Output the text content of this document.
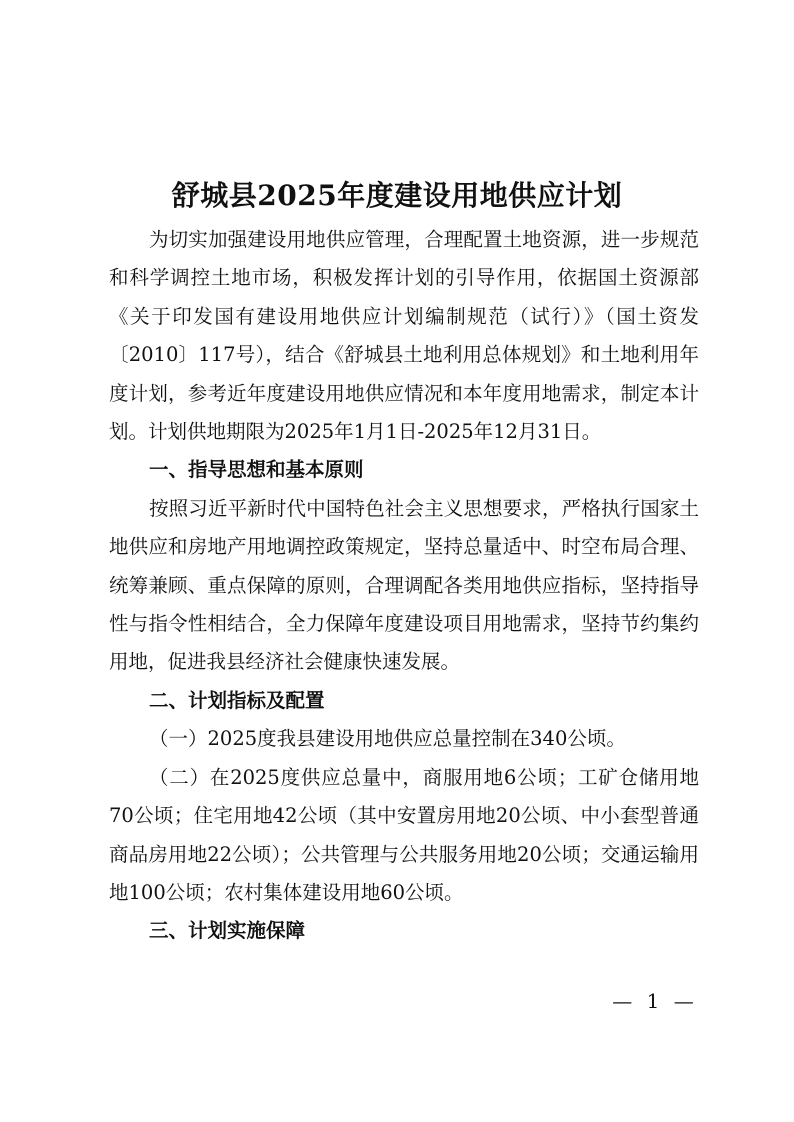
舒城县2025年度建设用地供应计划

为切实加强建设用地供应管理，合理配置土地资源，进一步规范和科学调控土地市场，积极发挥计划的引导作用，依据国土资源部《关于印发国有建设用地供应计划编制规范（试行）》（国土资发〔2010〕117号），结合《舒城县土地利用总体规划》和土地利用年度计划，参考近年度建设用地供应情况和本年度用地需求，制定本计划。计划供地期限为2025年1月1日-2025年12月31日。

一、指导思想和基本原则

按照习近平新时代中国特色社会主义思想要求，严格执行国家土地供应和房地产用地调控政策规定，坚持总量适中、时空布局合理、统筹兼顾、重点保障的原则，合理调配各类用地供应指标，坚持指导性与指令性相结合，全力保障年度建设项目用地需求，坚持节约集约用地，促进我县经济社会健康快速发展。

二、计划指标及配置

（一）2025度我县建设用地供应总量控制在340公顷。

（二）在2025度供应总量中，商服用地6公顷；工矿仓储用地70公顷；住宅用地42公顷（其中安置房用地20公顷、中小套型普通商品房用地22公顷）；公共管理与公共服务用地20公顷；交通运输用地100公顷；农村集体建设用地60公顷。

三、计划实施保障

— 1 —
